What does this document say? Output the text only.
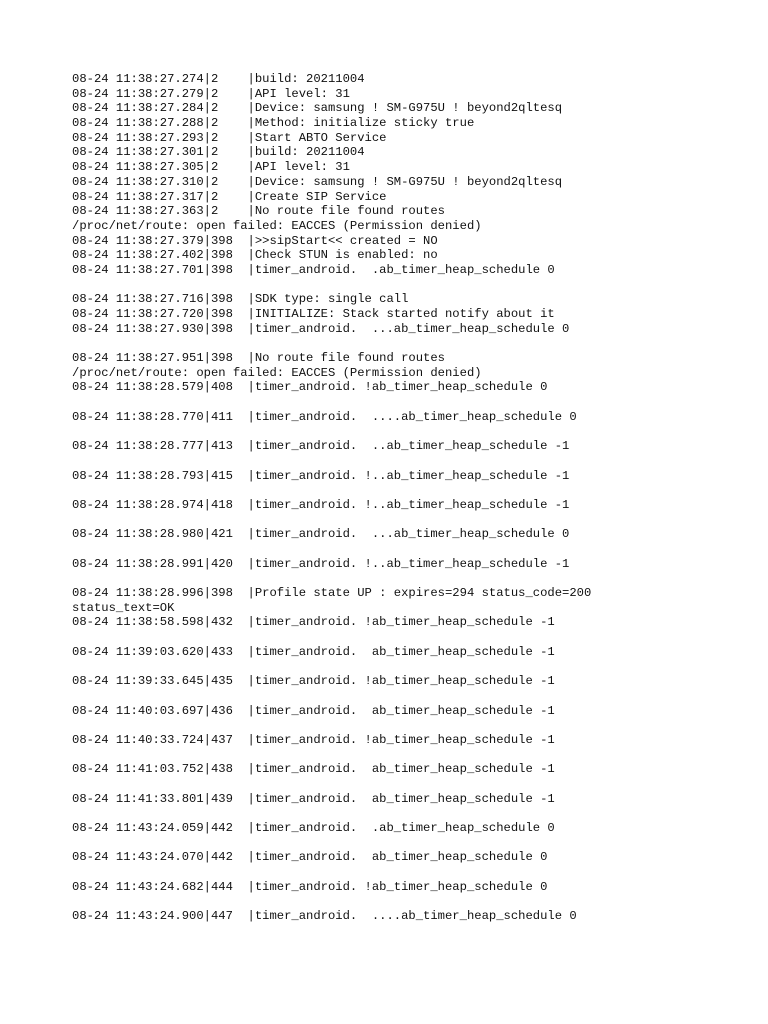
08-24 11:38:27.274|2    |build: 20211004
08-24 11:38:27.279|2    |API level: 31
08-24 11:38:27.284|2    |Device: samsung ! SM-G975U ! beyond2qltesq
08-24 11:38:27.288|2    |Method: initialize sticky true
08-24 11:38:27.293|2    |Start ABTO Service
08-24 11:38:27.301|2    |build: 20211004
08-24 11:38:27.305|2    |API level: 31
08-24 11:38:27.310|2    |Device: samsung ! SM-G975U ! beyond2qltesq
08-24 11:38:27.317|2    |Create SIP Service
08-24 11:38:27.363|2    |No route file found routes
/proc/net/route: open failed: EACCES (Permission denied)
08-24 11:38:27.379|398  |>>sipStart<< created = NO
08-24 11:38:27.402|398  |Check STUN is enabled: no
08-24 11:38:27.701|398  |timer_android.  .ab_timer_heap_schedule 0
08-24 11:38:27.716|398  |SDK type: single call
08-24 11:38:27.720|398  |INITIALIZE: Stack started notify about it
08-24 11:38:27.930|398  |timer_android.  ...ab_timer_heap_schedule 0
08-24 11:38:27.951|398  |No route file found routes
/proc/net/route: open failed: EACCES (Permission denied)
08-24 11:38:28.579|408  |timer_android. !ab_timer_heap_schedule 0
08-24 11:38:28.770|411  |timer_android.  ....ab_timer_heap_schedule 0
08-24 11:38:28.777|413  |timer_android.  ..ab_timer_heap_schedule -1
08-24 11:38:28.793|415  |timer_android. !..ab_timer_heap_schedule -1
08-24 11:38:28.974|418  |timer_android. !..ab_timer_heap_schedule -1
08-24 11:38:28.980|421  |timer_android.  ...ab_timer_heap_schedule 0
08-24 11:38:28.991|420  |timer_android. !..ab_timer_heap_schedule -1
08-24 11:38:28.996|398  |Profile state UP : expires=294 status_code=200
status_text=OK
08-24 11:38:58.598|432  |timer_android. !ab_timer_heap_schedule -1
08-24 11:39:03.620|433  |timer_android.  ab_timer_heap_schedule -1
08-24 11:39:33.645|435  |timer_android. !ab_timer_heap_schedule -1
08-24 11:40:03.697|436  |timer_android.  ab_timer_heap_schedule -1
08-24 11:40:33.724|437  |timer_android. !ab_timer_heap_schedule -1
08-24 11:41:03.752|438  |timer_android.  ab_timer_heap_schedule -1
08-24 11:41:33.801|439  |timer_android.  ab_timer_heap_schedule -1
08-24 11:43:24.059|442  |timer_android.  .ab_timer_heap_schedule 0
08-24 11:43:24.070|442  |timer_android.  ab_timer_heap_schedule 0
08-24 11:43:24.682|444  |timer_android. !ab_timer_heap_schedule 0
08-24 11:43:24.900|447  |timer_android.  ....ab_timer_heap_schedule 0
